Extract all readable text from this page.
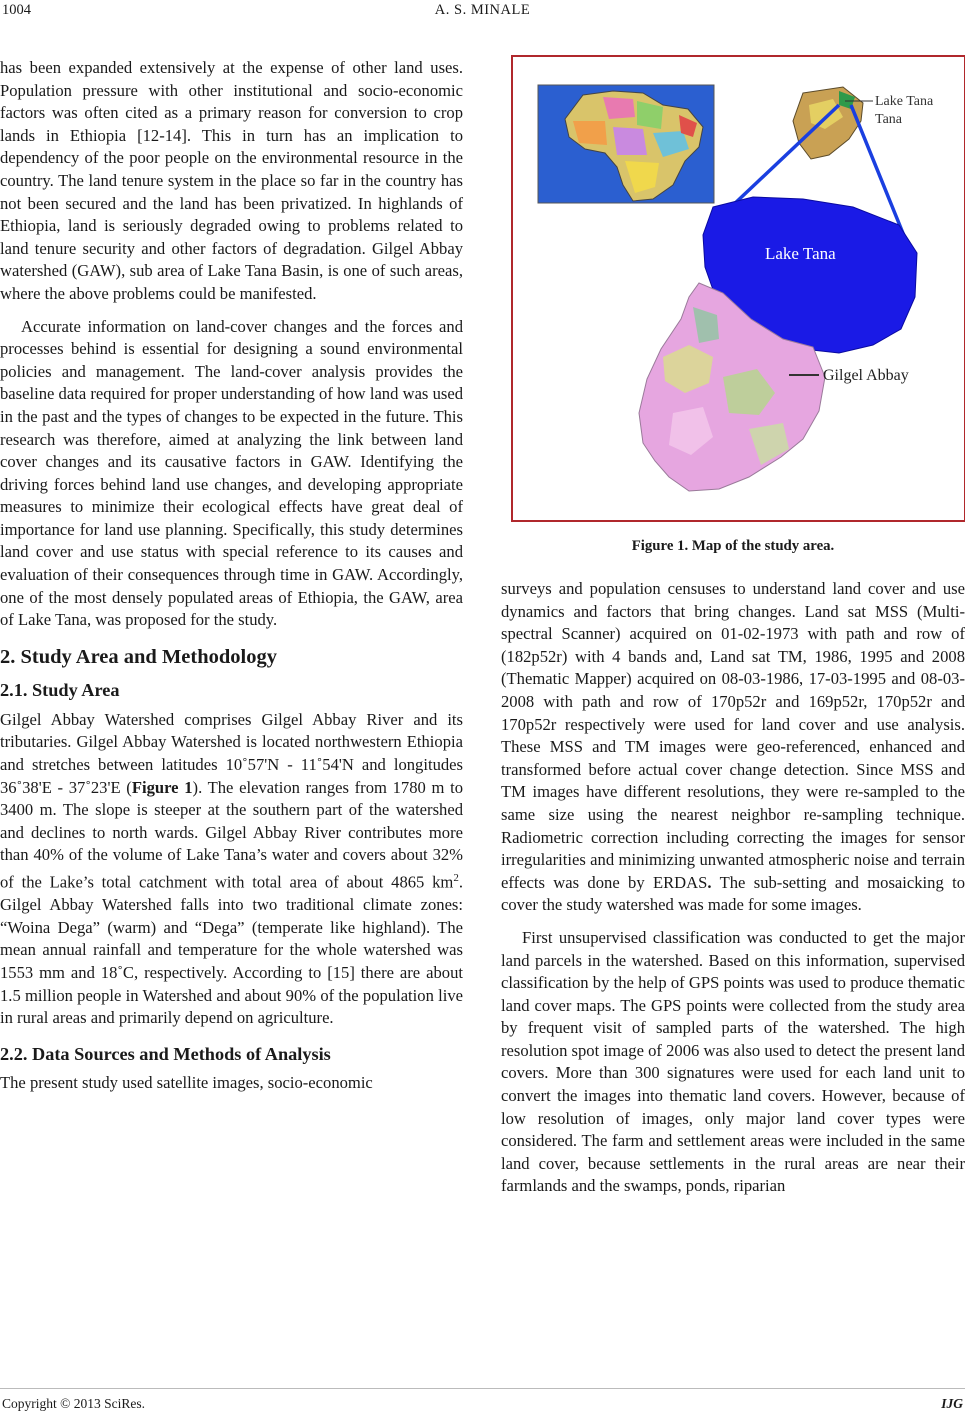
1004	A. S. MINALE

has been expanded extensively at the expense of other land uses. Population pressure with other institutional and socio-economic factors was often cited as a primary reason for conversion to crop lands in Ethiopia [12-14]. This in turn has an implication to dependency of the poor people on the environmental resource in the country. The land tenure system in the place so far in the country has not been secured and the land has been privatized. In highlands of Ethiopia, land is seriously degraded owing to problems related to land tenure security and other factors of degradation. Gilgel Abbay watershed (GAW), sub area of Lake Tana Basin, is one of such areas, where the above problems could be manifested.

Accurate information on land-cover changes and the forces and processes behind is essential for designing a sound environmental policies and management. The land-cover analysis provides the baseline data required for proper understanding of how land was used in the past and the types of changes to be expected in the future. This research was therefore, aimed at analyzing the link between land cover changes and its causative factors in GAW. Identifying the driving forces behind land use changes, and developing appropriate measures to minimize their ecological effects have great deal of importance for land use planning. Specifically, this study determines land cover and use status with special reference to its causes and evaluation of their consequences through time in GAW. Accordingly, one of the most densely populated areas of Ethiopia, the GAW, area of Lake Tana, was proposed for the study.

2. Study Area and Methodology
2.1. Study Area

Gilgel Abbay Watershed comprises Gilgel Abbay River and its tributaries. Gilgel Abbay Watershed is located northwestern Ethiopia and stretches between latitudes 10˚57'N - 11˚54'N and longitudes 36˚38'E - 37˚23'E (Figure 1). The elevation ranges from 1780 m to 3400 m. The slope is steeper at the southern part of the watershed and declines to north wards. Gilgel Abbay River contributes more than 40% of the volume of Lake Tana’s water and covers about 32% of the Lake’s total catchment with total area of about 4865 $km^2$. Gilgel Abbay Watershed falls into two traditional climate zones: “Woina Dega” (warm) and “Dega” (temperate like highland). The mean annual rainfall and temperature for the whole watershed was 1553 mm and 18˚C, respectively. According to [15] there are about 1.5 million people in Watershed and about 90% of the population live in rural areas and primarily depend on agriculture.

2.2. Data Sources and Methods of Analysis

The present study used satellite images, socio-economic

Lake Tana
Tana
Lake Tana
Gilgel Abbay
Figure 1. Map of the study area.

surveys and population censuses to understand land cover and use dynamics and factors that bring changes. Land sat MSS (Multi-spectral Scanner) acquired on 01-02-1973 with path and row of (182p52r) with 4 bands and, Land sat TM, 1986, 1995 and 2008 (Thematic Mapper) acquired on 08-03-1986, 17-03-1995 and 08-03-2008 with path and row of 170p52r and 169p52r, 170p52r and 170p52r respectively were used for land cover and use analysis. These MSS and TM images were geo-referenced, enhanced and transformed before actual cover change detection. Since MSS and TM images have different resolutions, they were re-sampled to the same size using the nearest neighbor re-sampling technique. Radiometric correction including correcting the images for sensor irregularities and minimizing unwanted atmospheric noise and terrain effects was done by ERDAS. The sub-setting and mosaicking to cover the study watershed was made for some images.

First unsupervised classification was conducted to get the major land parcels in the watershed. Based on this information, supervised classification by the help of GPS points was used to produce thematic land cover maps. The GPS points were collected from the study area by frequent visit of sampled parts of the watershed. The high resolution spot image of 2006 was also used to detect the present land covers. More than 300 signatures were used for each land unit to convert the images into thematic land covers. However, because of low resolution of images, only major land cover types were considered. The farm and settlement areas were included in the same land cover, because settlements in the rural areas are near their farmlands and the swamps, ponds, riparian

Copyright © 2013 SciRes.	IJG
